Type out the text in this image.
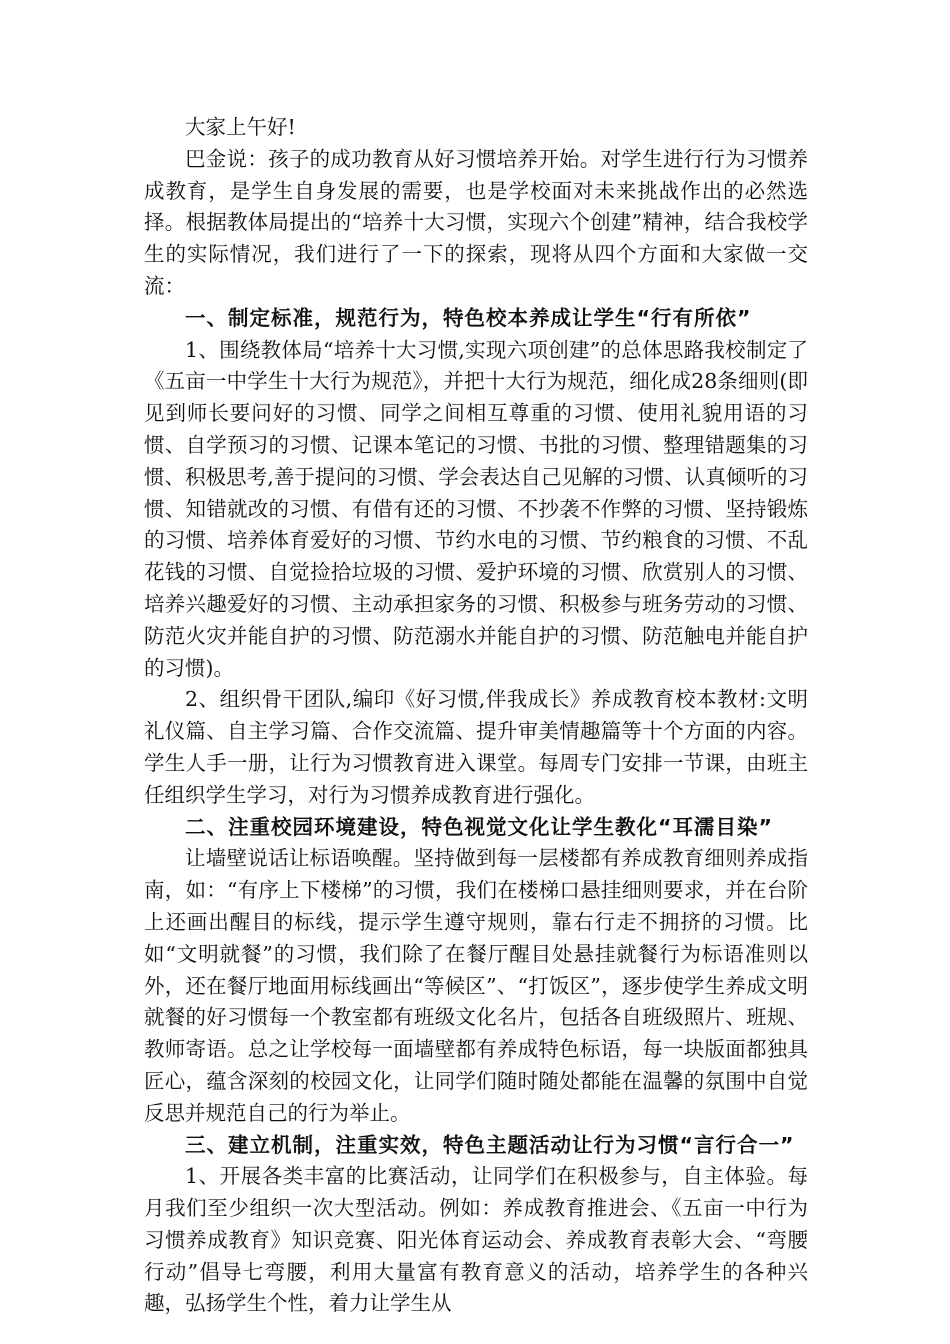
大家上午好!

巴金说：孩子的成功教育从好习惯培养开始。对学生进行行为习惯养成教育，是学生自身发展的需要，也是学校面对未来挑战作出的必然选择。根据教体局提出的“培养十大习惯，实现六个创建”精神，结合我校学生的实际情况，我们进行了一下的探索，现将从四个方面和大家做一交流：

一、制定标准，规范行为，特色校本养成让学生“行有所依”

1、围绕教体局“培养十大习惯,实现六项创建”的总体思路我校制定了《五亩一中学生十大行为规范》，并把十大行为规范，细化成28条细则(即见到师长要问好的习惯、同学之间相互尊重的习惯、使用礼貌用语的习惯、自学预习的习惯、记课本笔记的习惯、书批的习惯、整理错题集的习惯、积极思考,善于提问的习惯、学会表达自己见解的习惯、认真倾听的习惯、知错就改的习惯、有借有还的习惯、不抄袭不作弊的习惯、坚持锻炼的习惯、培养体育爱好的习惯、节约水电的习惯、节约粮食的习惯、不乱花钱的习惯、自觉捡拾垃圾的习惯、爱护环境的习惯、欣赏别人的习惯、培养兴趣爱好的习惯、主动承担家务的习惯、积极参与班务劳动的习惯、防范火灾并能自护的习惯、防范溺水并能自护的习惯、防范触电并能自护的习惯)。

2、组织骨干团队,编印《好习惯,伴我成长》养成教育校本教材:文明礼仪篇、自主学习篇、合作交流篇、提升审美情趣篇等十个方面的内容。学生人手一册，让行为习惯教育进入课堂。每周专门安排一节课，由班主任组织学生学习，对行为习惯养成教育进行强化。

二、注重校园环境建设，特色视觉文化让学生教化“耳濡目染”

让墙壁说话让标语唤醒。坚持做到每一层楼都有养成教育细则养成指南，如：“有序上下楼梯”的习惯，我们在楼梯口悬挂细则要求，并在台阶上还画出醒目的标线，提示学生遵守规则，靠右行走不拥挤的习惯。比如“文明就餐”的习惯，我们除了在餐厅醒目处悬挂就餐行为标语准则以外，还在餐厅地面用标线画出“等候区”、“打饭区”，逐步使学生养成文明就餐的好习惯每一个教室都有班级文化名片，包括各自班级照片、班规、教师寄语。总之让学校每一面墙壁都有养成特色标语，每一块版面都独具匠心，蕴含深刻的校园文化，让同学们随时随处都能在温馨的氛围中自觉反思并规范自己的行为举止。

三、建立机制，注重实效，特色主题活动让行为习惯“言行合一”

1、开展各类丰富的比赛活动，让同学们在积极参与，自主体验。每月我们至少组织一次大型活动。例如：养成教育推进会、《五亩一中行为习惯养成教育》知识竞赛、阳光体育运动会、养成教育表彰大会、“弯腰行动”倡导七弯腰，利用大量富有教育意义的活动，培养学生的各种兴趣，弘扬学生个性，着力让学生从
